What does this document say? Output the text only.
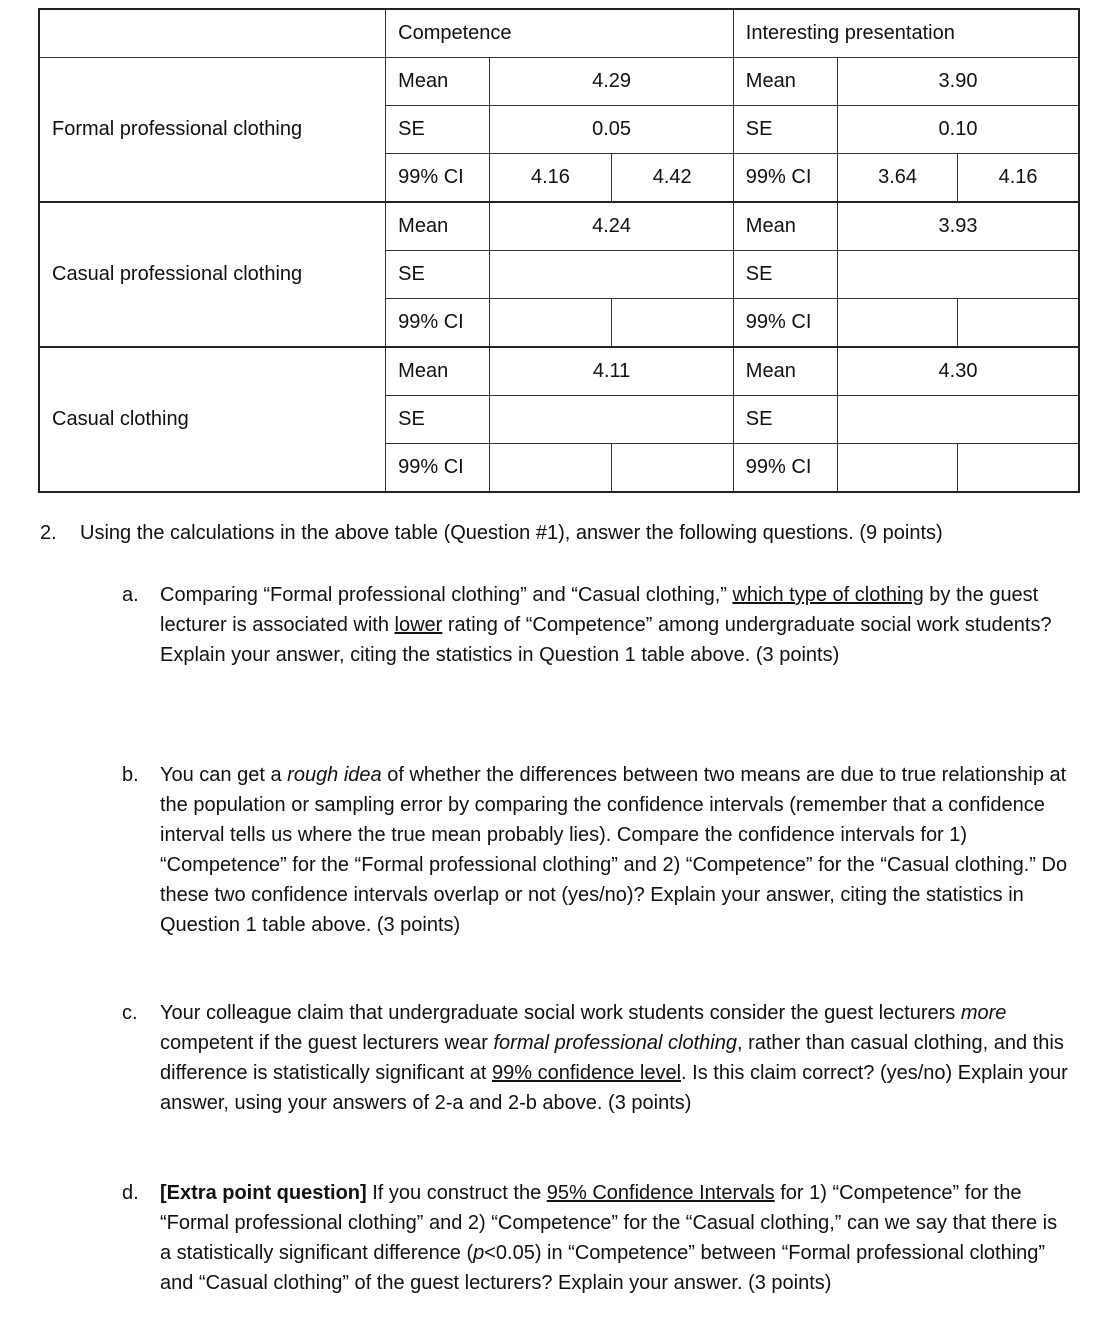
	Competence			Interesting presentation		
Formal professional clothing	Mean	4.29		Mean	3.90	
	SE	0.05		SE	0.10	
	99% CI	4.16	4.42	99% CI	3.64	4.16
Casual professional clothing	Mean	4.24		Mean	3.93	
	SE			SE		
	99% CI			99% CI		
Casual clothing	Mean	4.11		Mean	4.30	
	SE			SE		
	99% CI			99% CI		
2. Using the calculations in the above table (Question #1), answer the following questions. (9 points)
a.	Comparing “Formal professional clothing” and “Casual clothing,” which type of clothing by the guest lecturer is associated with lower rating of “Competence” among undergraduate social work students? Explain your answer, citing the statistics in Question 1 table above. (3 points)
b.	You can get a rough idea of whether the differences between two means are due to true relationship at the population or sampling error by comparing the confidence intervals (remember that a confidence interval tells us where the true mean probably lies). Compare the confidence intervals for 1) “Competence” for the “Formal professional clothing” and 2) “Competence” for the “Casual clothing.” Do these two confidence intervals overlap or not (yes/no)? Explain your answer, citing the statistics in Question 1 table above. (3 points)
c.	Your colleague claim that undergraduate social work students consider the guest lecturers more competent if the guest lecturers wear formal professional clothing, rather than casual clothing, and this difference is statistically significant at 99% confidence level. Is this claim correct? (yes/no) Explain your answer, using your answers of 2-a and 2-b above. (3 points)
d.	[Extra point question] If you construct the 95% Confidence Intervals for 1) “Competence” for the “Formal professional clothing” and 2) “Competence” for the “Casual clothing,” can we say that there is a statistically significant difference (p<0.05) in “Competence” between “Formal professional clothing” and “Casual clothing” of the guest lecturers? Explain your answer. (3 points)
